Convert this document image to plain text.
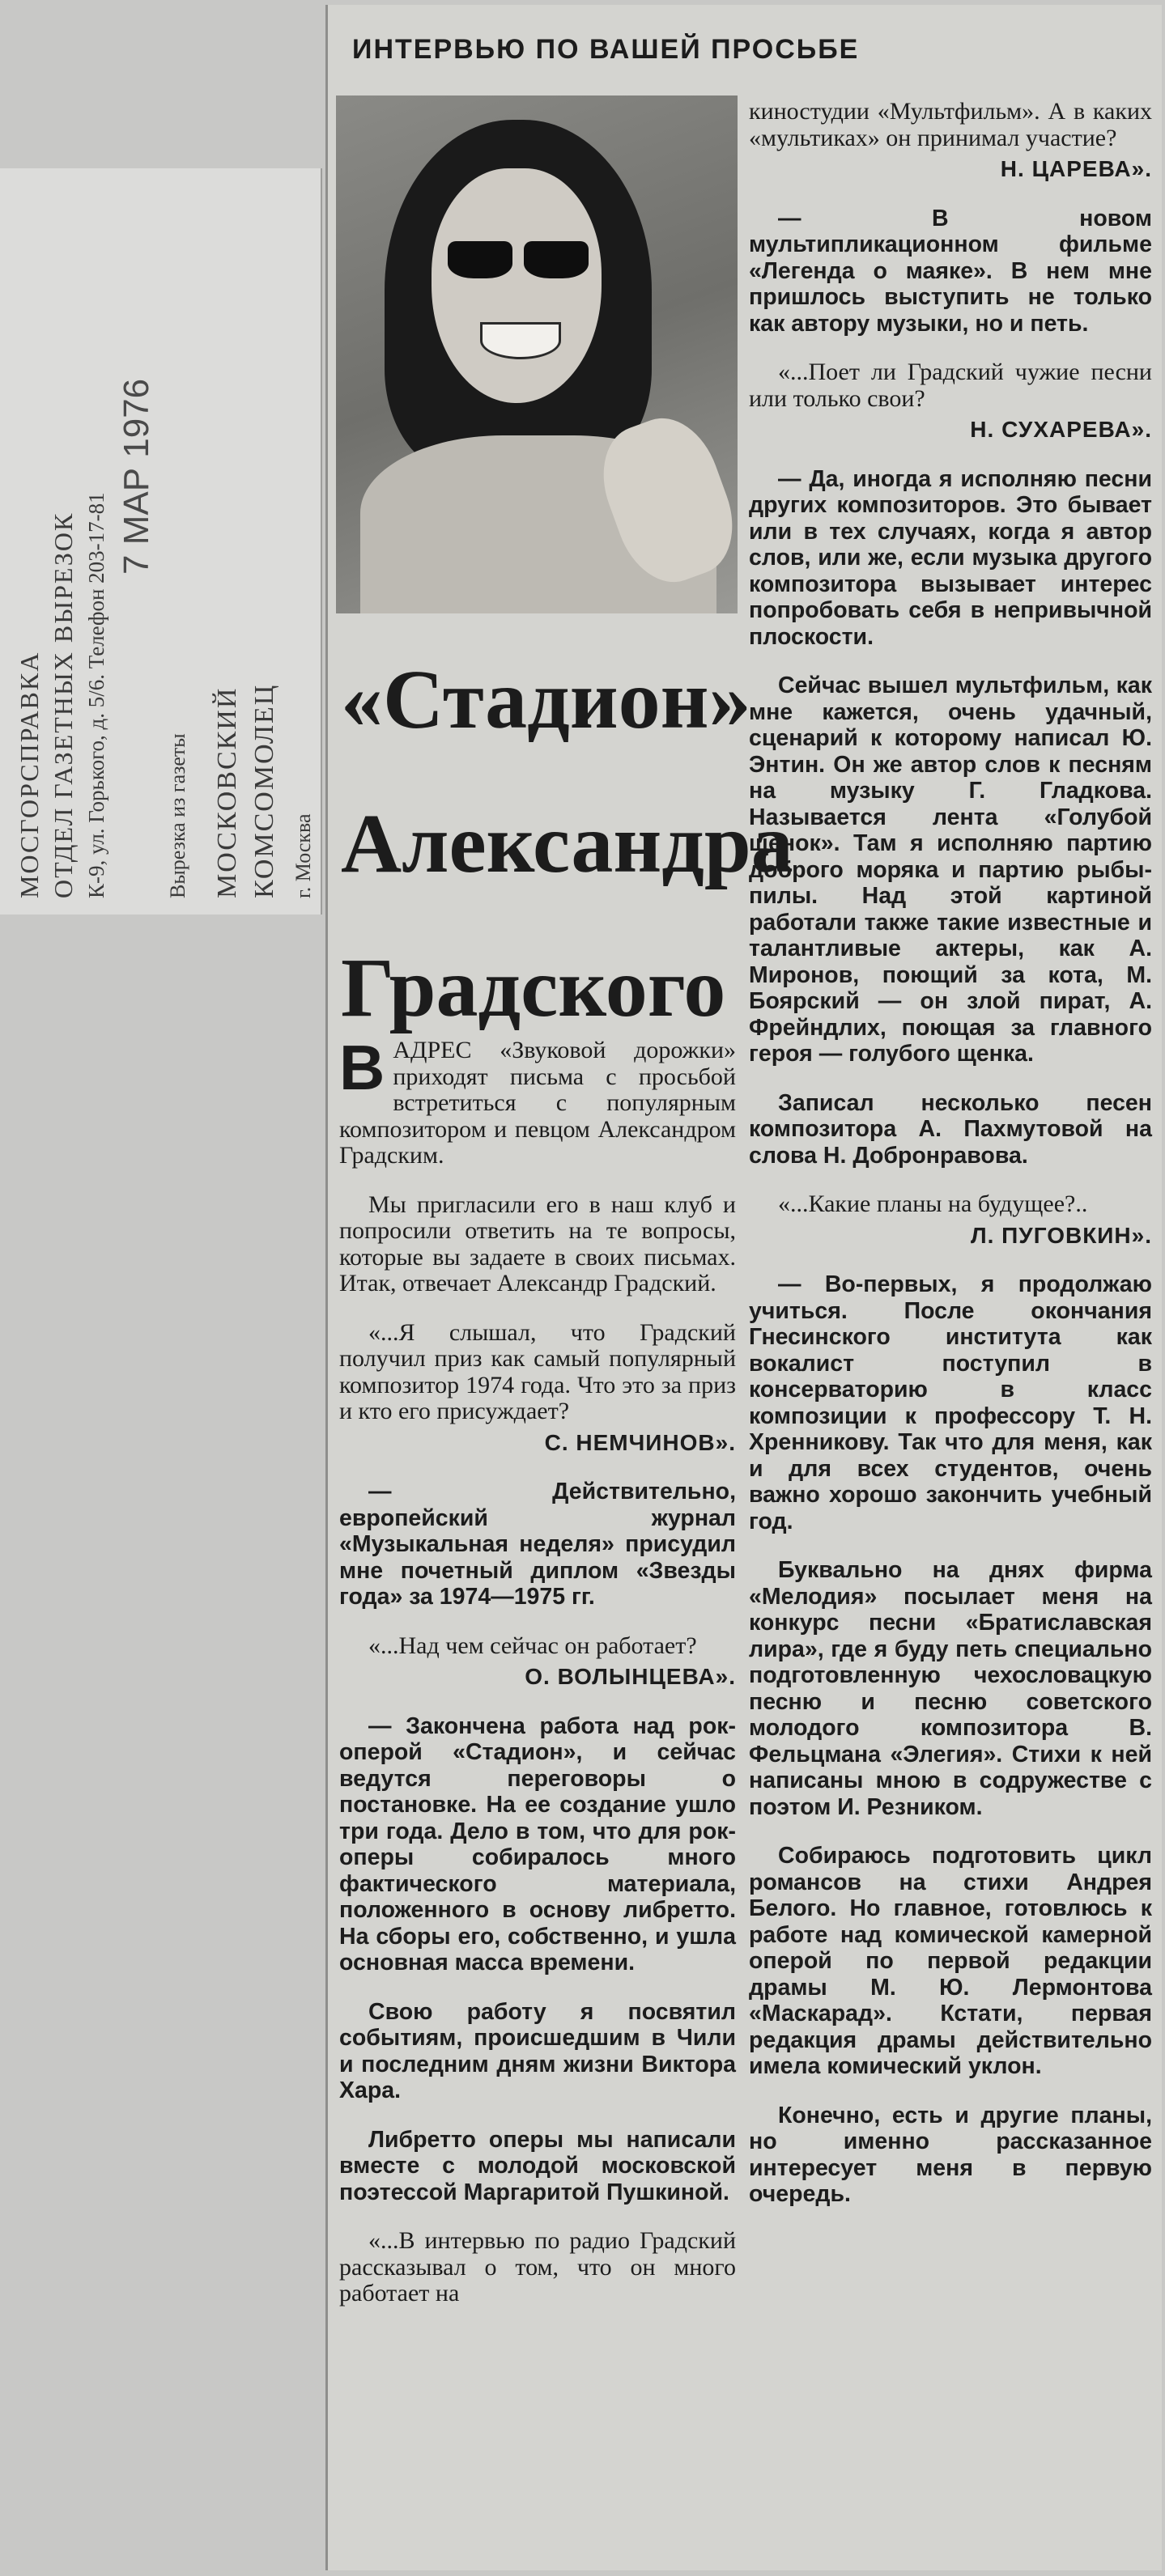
МОСГОРСПРАВКА ОТДЕЛ ГАЗЕТНЫХ ВЫРЕЗОК К-9, ул. Горького, д. 5/6. Телефон 203-17-81
7 МАР 1976
Вырезка из газеты МОСКОВСКИЙ КОМСОМОЛЕЦ г. Москва
ИНТЕРВЬЮ ПО ВАШЕЙ ПРОСЬБЕ
«Стадион» Александра Градского

В АДРЕС «Звуковой дорожки» приходят письма с просьбой встретиться с популярным композитором и певцом Александром Градским.

Мы пригласили его в наш клуб и попросили ответить на те вопросы, которые вы задаете в своих письмах. Итак, отвечает Александр Градский.

«...Я слышал, что Градский получил приз как самый популярный композитор 1974 года. Что это за приз и кто его присуждает?

С. НЕМЧИНОВ».

— Действительно, европейский журнал «Музыкальная неделя» присудил мне почетный диплом «Звезды года» за 1974—1975 гг.

«...Над чем сейчас он работает?

О. ВОЛЫНЦЕВА».

— Закончена работа над рок-оперой «Стадион», и сейчас ведутся переговоры о постановке. На ее создание ушло три года. Дело в том, что для рок-оперы собиралось много фактического материала, положенного в основу либретто. На сборы его, собственно, и ушла основная масса времени.

Свою работу я посвятил событиям, происшедшим в Чили и последним дням жизни Виктора Хара.

Либретто оперы мы написали вместе с молодой московской поэтессой Маргаритой Пушкиной.

«...В интервью по радио Градский рассказывал о том, что он много работает на

киностудии «Мультфильм». А в каких «мультиках» он принимал участие?

Н. ЦАРЕВА».

— В новом мультипликационном фильме «Легенда о маяке». В нем мне пришлось выступить не только как автору музыки, но и петь.

«...Поет ли Градский чужие песни или только свои?

Н. СУХАРЕВА».

— Да, иногда я исполняю песни других композиторов. Это бывает или в тех случаях, когда я автор слов, или же, если музыка другого композитора вызывает интерес попробовать себя в непривычной плоскости.

Сейчас вышел мультфильм, как мне кажется, очень удачный, сценарий к которому написал Ю. Энтин. Он же автор слов к песням на музыку Г. Гладкова. Называется лента «Голубой щенок». Там я исполняю партию доброго моряка и партию рыбы-пилы. Над этой картиной работали также такие известные и талантливые актеры, как А. Миронов, поющий за кота, М. Боярский — он злой пират, А. Фрейндлих, поющая за главного героя — голубого щенка.

Записал несколько песен композитора А. Пахмутовой на слова Н. Добронравова.

«...Какие планы на будущее?..

Л. ПУГОВКИН».

— Во-первых, я продолжаю учиться. После окончания Гнесинского института как вокалист поступил в консерваторию в класс композиции к профессору Т. Н. Хренникову. Так что для меня, как и для всех студентов, очень важно хорошо закончить учебный год.

Буквально на днях фирма «Мелодия» посылает меня на конкурс песни «Братиславская лира», где я буду петь специально подготовленную чехословацкую песню и песню советского молодого композитора В. Фельцмана «Элегия». Стихи к ней написаны мною в содружестве с поэтом И. Резником.

Собираюсь подготовить цикл романсов на стихи Андрея Белого. Но главное, готовлюсь к работе над комической камерной оперой по первой редакции драмы М. Ю. Лермонтова «Маскарад». Кстати, первая редакция драмы действительно имела комический уклон.

Конечно, есть и другие планы, но именно рассказанное интересует меня в первую очередь.
